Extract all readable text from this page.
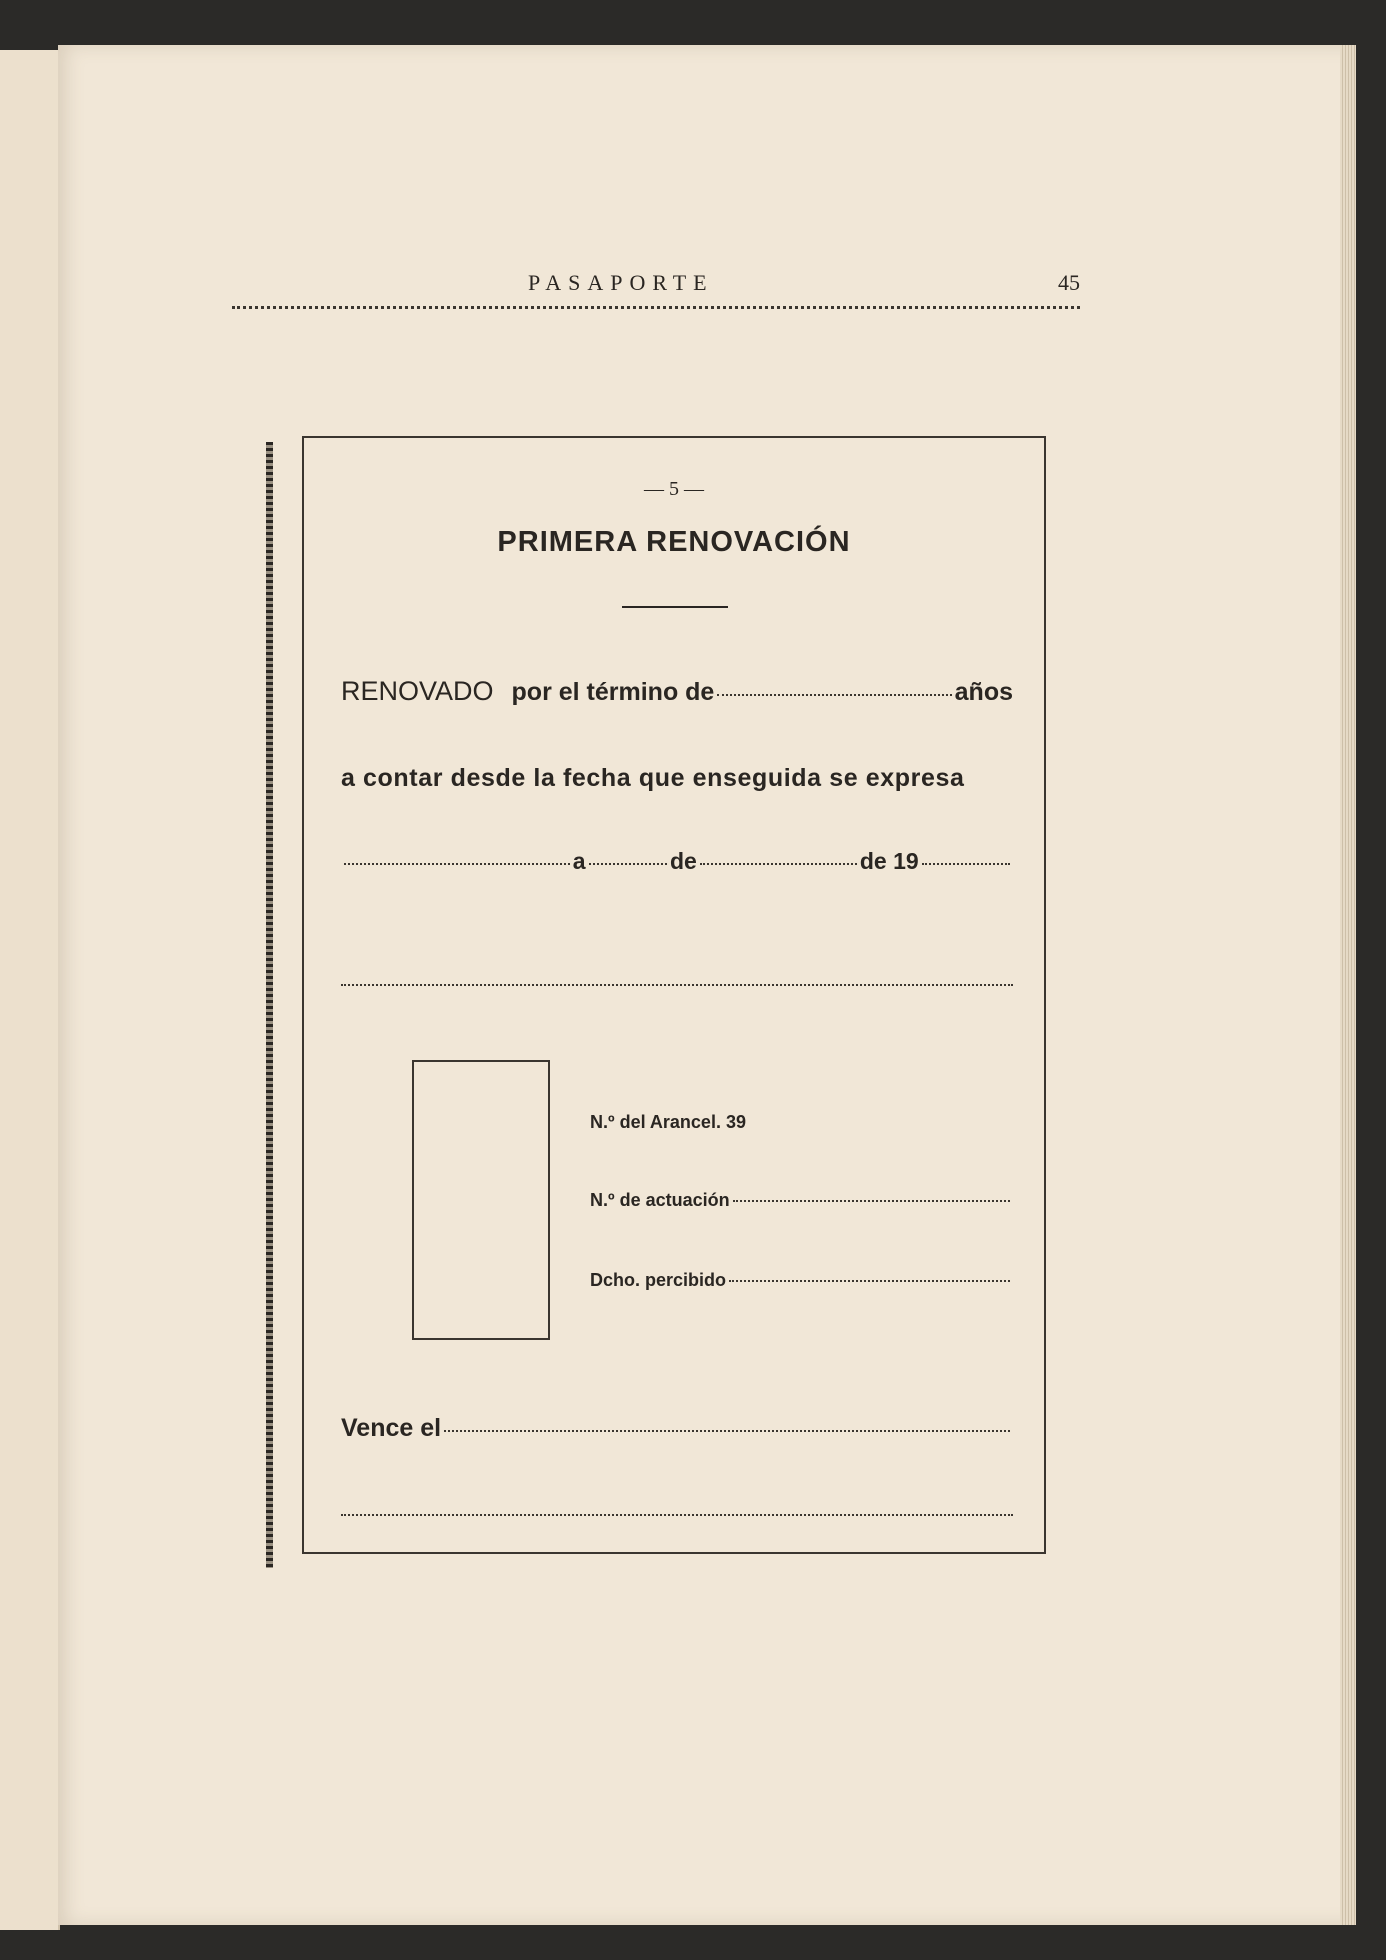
PASAPORTE	45
— 5 —
PRIMERA RENOVACIÓN
RENOVADO por el término de	años
a contar desde la fecha que enseguida se expresa
a	de	de 19
N.º del Arancel. 39
N.º de actuación
Dcho. percibido
Vence el
